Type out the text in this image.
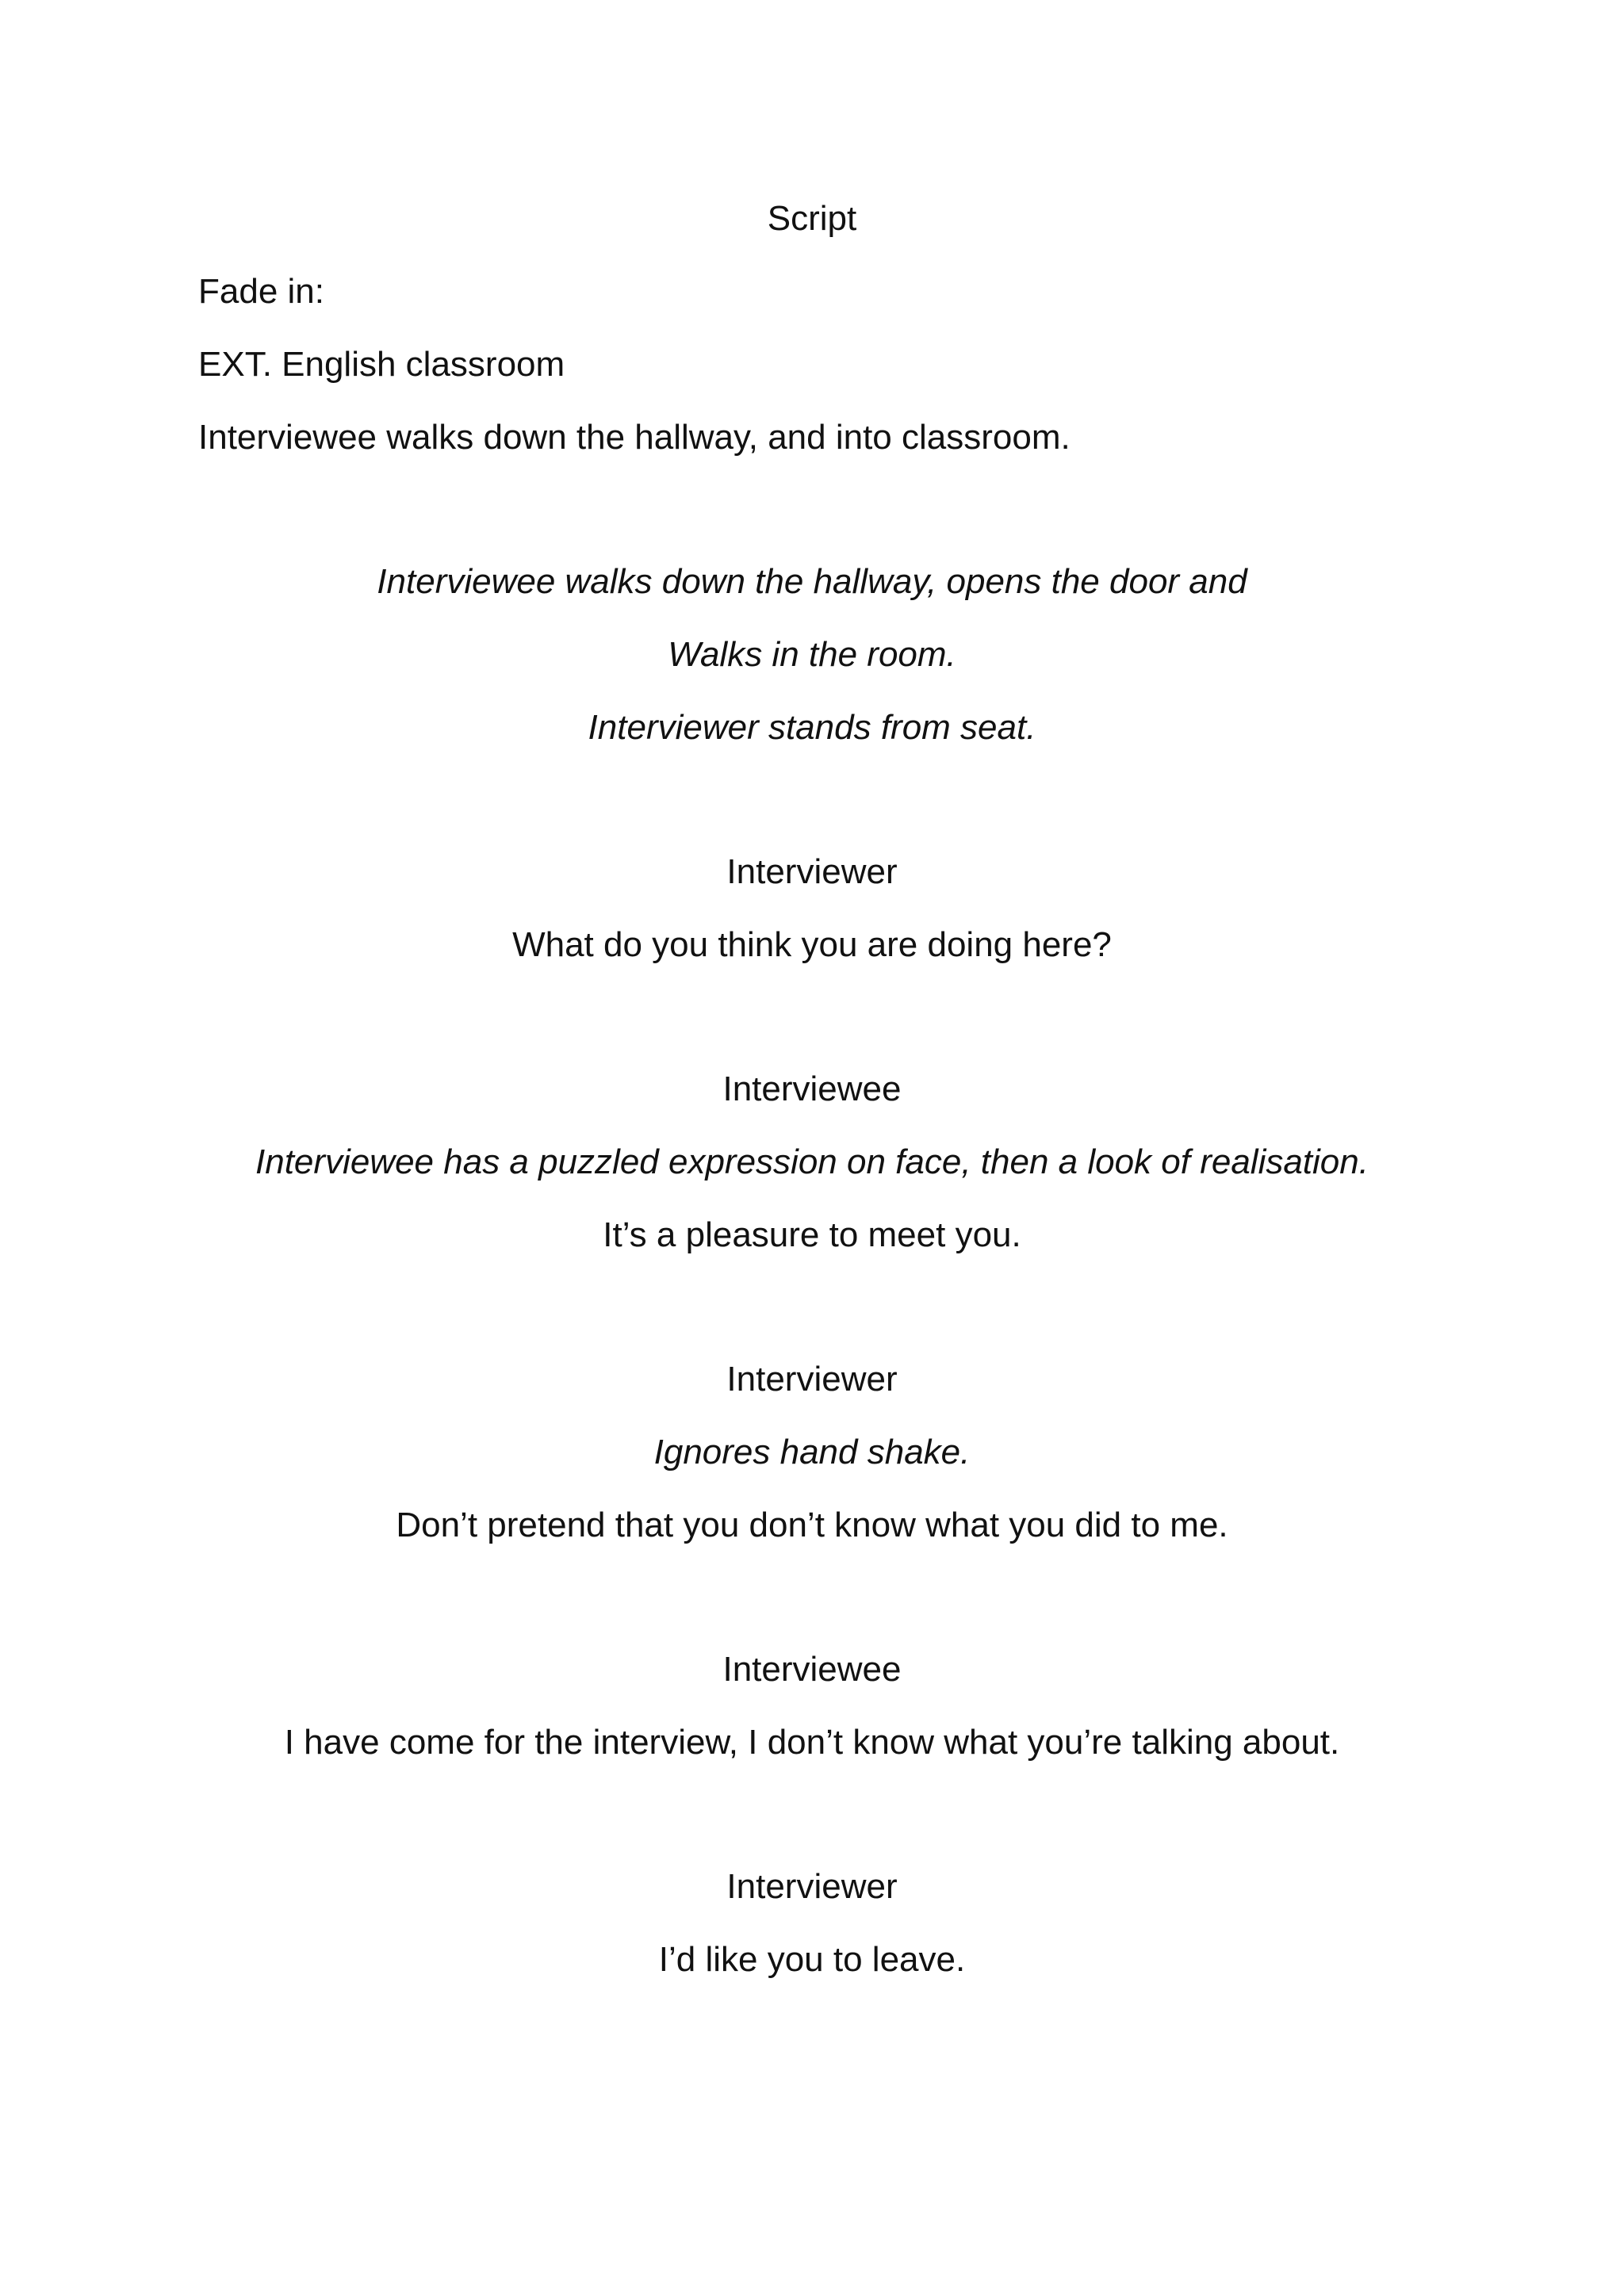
Script
Fade in:
EXT. English classroom
Interviewee walks down the hallway, and into classroom.
Interviewee walks down the hallway, opens the door and
Walks in the room.
Interviewer stands from seat.
Interviewer
What do you think you are doing here?
Interviewee
Interviewee has a puzzled expression on face, then a look of realisation.
It’s a pleasure to meet you.
Interviewer
Ignores hand shake.
Don’t pretend that you don’t know what you did to me.
Interviewee
I have come for the interview, I don’t know what you’re talking about.
Interviewer
I’d like you to leave.
